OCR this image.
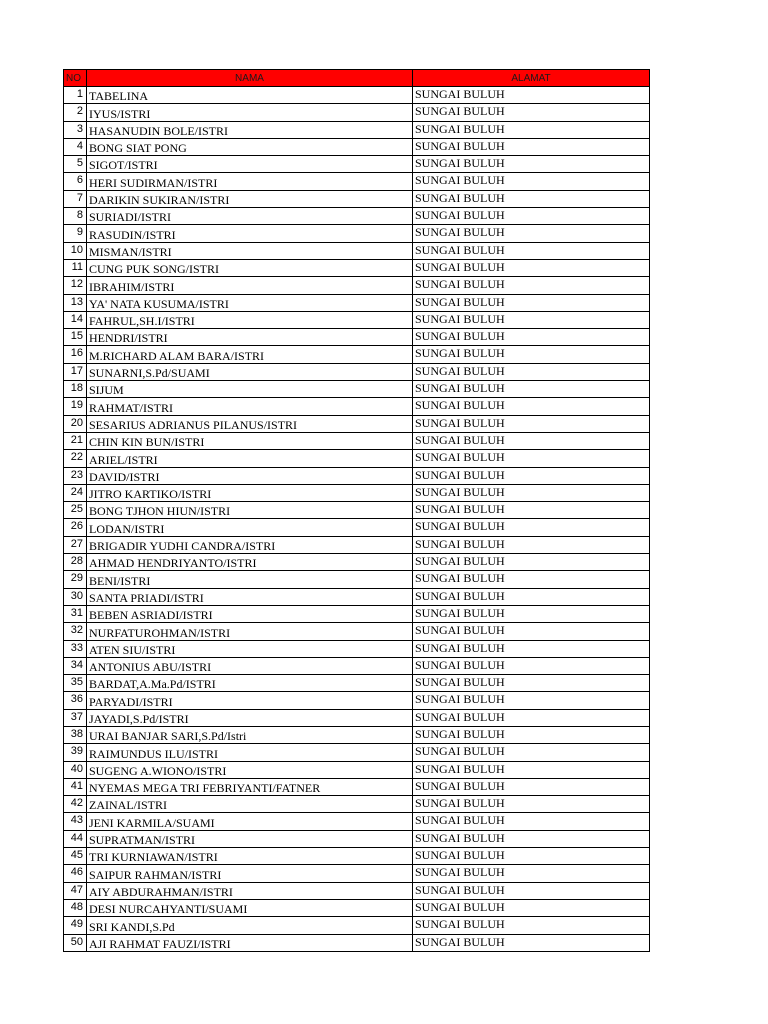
NO	NAMA	ALAMAT
1	TABELINA	SUNGAI BULUH
2	IYUS/ISTRI	SUNGAI BULUH
3	HASANUDIN BOLE/ISTRI	SUNGAI BULUH
4	BONG SIAT PONG	SUNGAI BULUH
5	SIGOT/ISTRI	SUNGAI BULUH
6	HERI SUDIRMAN/ISTRI	SUNGAI BULUH
7	DARIKIN SUKIRAN/ISTRI	SUNGAI BULUH
8	SURIADI/ISTRI	SUNGAI BULUH
9	RASUDIN/ISTRI	SUNGAI BULUH
10	MISMAN/ISTRI	SUNGAI BULUH
11	CUNG PUK SONG/ISTRI	SUNGAI BULUH
12	IBRAHIM/ISTRI	SUNGAI BULUH
13	YA' NATA KUSUMA/ISTRI	SUNGAI BULUH
14	FAHRUL,SH.I/ISTRI	SUNGAI BULUH
15	HENDRI/ISTRI	SUNGAI BULUH
16	M.RICHARD ALAM BARA/ISTRI	SUNGAI BULUH
17	SUNARNI,S.Pd/SUAMI	SUNGAI BULUH
18	SIJUM	SUNGAI BULUH
19	RAHMAT/ISTRI	SUNGAI BULUH
20	SESARIUS ADRIANUS PILANUS/ISTRI	SUNGAI BULUH
21	CHIN KIN BUN/ISTRI	SUNGAI BULUH
22	ARIEL/ISTRI	SUNGAI BULUH
23	DAVID/ISTRI	SUNGAI BULUH
24	JITRO KARTIKO/ISTRI	SUNGAI BULUH
25	BONG TJHON HIUN/ISTRI	SUNGAI BULUH
26	LODAN/ISTRI	SUNGAI BULUH
27	BRIGADIR YUDHI CANDRA/ISTRI	SUNGAI BULUH
28	AHMAD HENDRIYANTO/ISTRI	SUNGAI BULUH
29	BENI/ISTRI	SUNGAI BULUH
30	SANTA PRIADI/ISTRI	SUNGAI BULUH
31	BEBEN ASRIADI/ISTRI	SUNGAI BULUH
32	NURFATUROHMAN/ISTRI	SUNGAI BULUH
33	ATEN SIU/ISTRI	SUNGAI BULUH
34	ANTONIUS ABU/ISTRI	SUNGAI BULUH
35	BARDAT,A.Ma.Pd/ISTRI	SUNGAI BULUH
36	PARYADI/ISTRI	SUNGAI BULUH
37	JAYADI,S.Pd/ISTRI	SUNGAI BULUH
38	URAI BANJAR SARI,S.Pd/Istri	SUNGAI BULUH
39	RAIMUNDUS ILU/ISTRI	SUNGAI BULUH
40	SUGENG A.WIONO/ISTRI	SUNGAI BULUH
41	NYEMAS MEGA TRI FEBRIYANTI/FATNER	SUNGAI BULUH
42	ZAINAL/ISTRI	SUNGAI BULUH
43	JENI KARMILA/SUAMI	SUNGAI BULUH
44	SUPRATMAN/ISTRI	SUNGAI BULUH
45	TRI KURNIAWAN/ISTRI	SUNGAI BULUH
46	SAIPUR RAHMAN/ISTRI	SUNGAI BULUH
47	AIY ABDURAHMAN/ISTRI	SUNGAI BULUH
48	DESI NURCAHYANTI/SUAMI	SUNGAI BULUH
49	SRI KANDI,S.Pd	SUNGAI BULUH
50	AJI RAHMAT FAUZI/ISTRI	SUNGAI BULUH
